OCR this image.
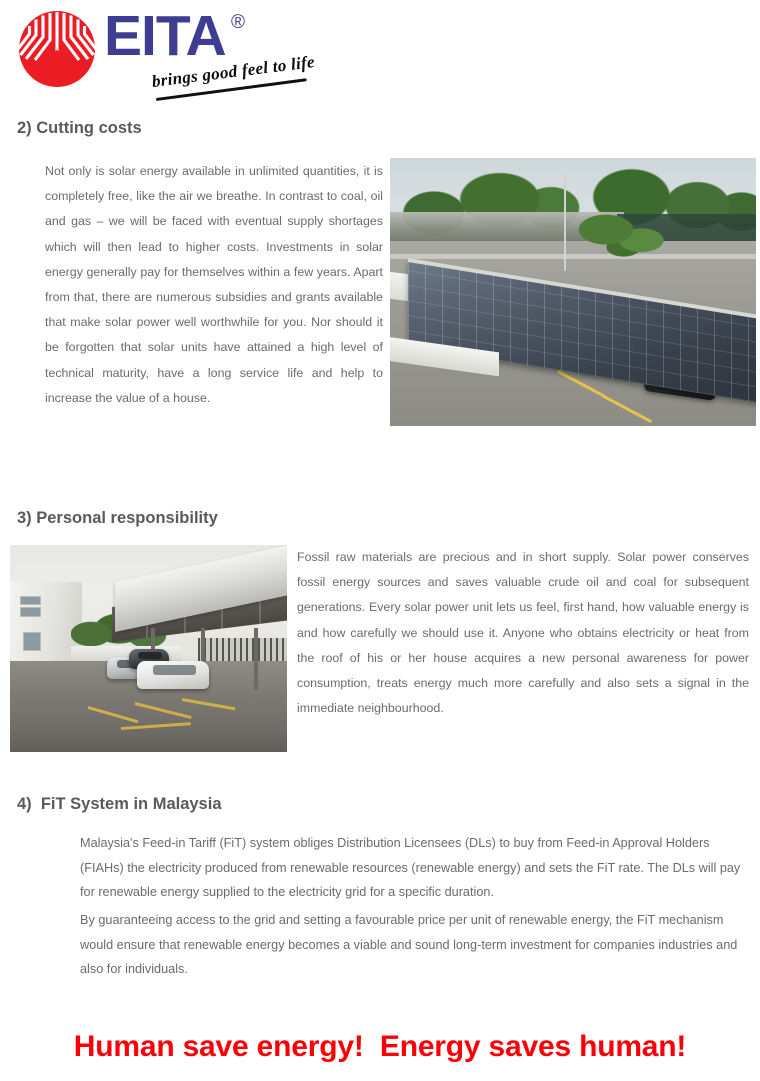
EITA ®
brings good feel to life
2) Cutting costs
Not only is solar energy available in unlimited quantities, it is completely free, like the air we breathe. In contrast to coal, oil and gas – we will be faced with eventual supply shortages which will then lead to higher costs. Investments in solar energy generally pay for themselves within a few years. Apart from that, there are numerous subsidies and grants available that make solar power well worthwhile for you. Nor should it be forgotten that solar units have attained a high level of technical maturity, have a long service life and help to increase the value of a house.
3) Personal responsibility
Fossil raw materials are precious and in short supply. Solar power conserves fossil energy sources and saves valuable crude oil and coal for subsequent generations. Every solar power unit lets us feel, first hand, how valuable energy is and how carefully we should use it. Anyone who obtains electricity or heat from the roof of his or her house acquires a new personal awareness for power consumption, treats energy much more carefully and also sets a signal in the immediate neighbourhood.
4)  FiT System in Malaysia
Malaysia's Feed-in Tariff (FiT) system obliges Distribution Licensees (DLs) to buy from Feed-in Approval Holders (FIAHs) the electricity produced from renewable resources (renewable energy) and sets the FiT rate. The DLs will pay for renewable energy supplied to the electricity grid for a specific duration.
By guaranteeing access to the grid and setting a favourable price per unit of renewable energy, the FiT mechanism would ensure that renewable energy becomes a viable and sound long-term investment for companies industries and also for individuals.
Human save energy!  Energy saves human!
